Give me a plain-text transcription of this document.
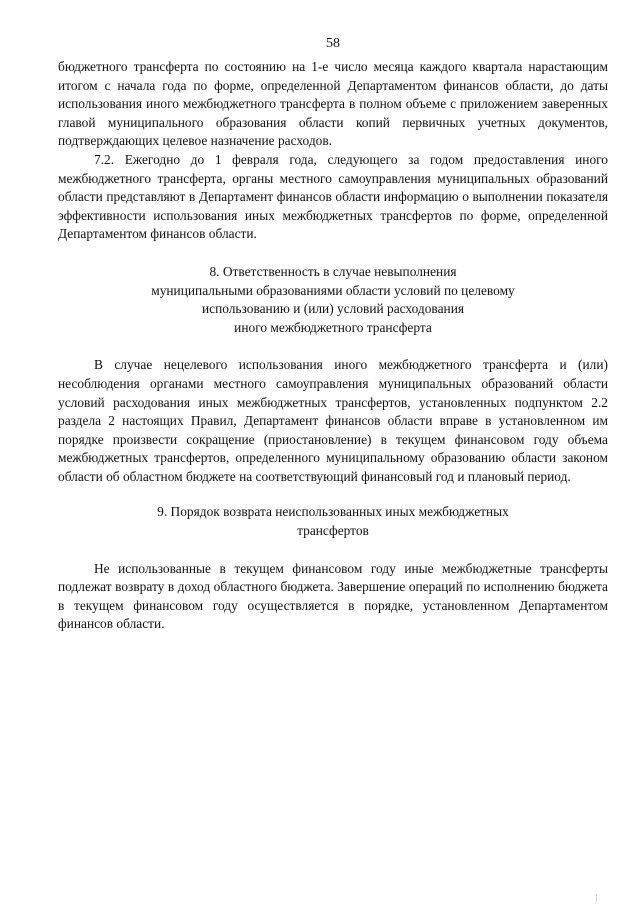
58

бюджетного трансферта по состоянию на 1-е число месяца каждого квартала нарастающим итогом с начала года по форме, определенной Департаментом финансов области, до даты использования иного межбюджетного трансферта в полном объеме с приложением заверенных главой муниципального образования области копий первичных учетных документов, подтверждающих целевое назначение расходов.

7.2. Ежегодно до 1 февраля года, следующего за годом предоставления иного межбюджетного трансферта, органы местного самоуправления муниципальных образований области представляют в Департамент финансов области информацию о выполнении показателя эффективности использования иных межбюджетных трансфертов по форме, определенной Департаментом финансов области.

8. Ответственность в случае невыполнения
муниципальными образованиями области условий по целевому
использованию и (или) условий расходования
иного межбюджетного трансферта

В случае нецелевого использования иного межбюджетного трансферта и (или) несоблюдения органами местного самоуправления муниципальных образований области условий расходования иных межбюджетных трансфертов, установленных подпунктом 2.2 раздела 2 настоящих Правил, Департамент финансов области вправе в установленном им порядке произвести сокращение (приостановление) в текущем финансовом году объема межбюджетных трансфертов, определенного муниципальному образованию области законом области об областном бюджете на соответствующий финансовый год и плановый период.

9. Порядок возврата неиспользованных иных межбюджетных
трансфертов

Не использованные в текущем финансовом году иные межбюджетные трансферты подлежат возврату в доход областного бюджета. Завершение операций по исполнению бюджета в текущем финансовом году осуществляется в порядке, установленном Департаментом финансов области.
